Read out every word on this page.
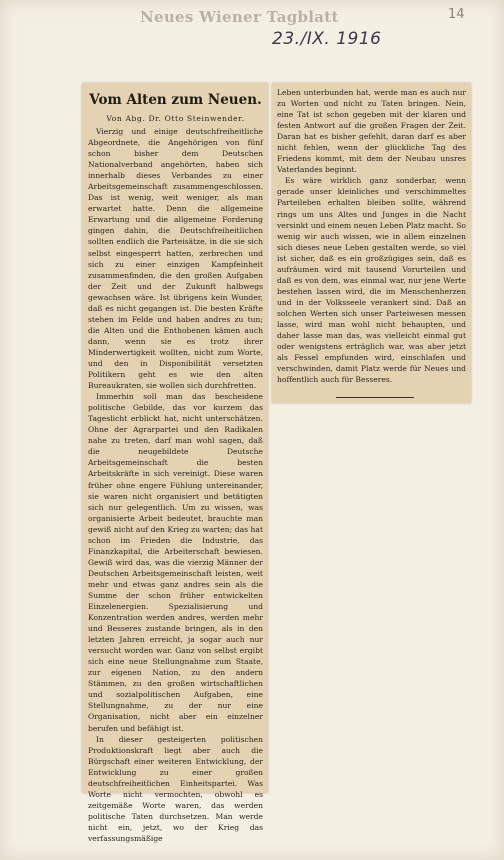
Neues Wiener Tagblatt	14
23./IX. 1916
Vom Alten zum Neuen.
Von Abg. Dr. Otto Steinwender.

Vierzig und einige deutschfreiheitliche Abgeordnete, die Angehörigen von fünf schon bisher dem Deutschen Nationalverband angehörten, haben sich innerhalb dieses Verbandes zu einer Arbeitsgemeinschaft zusammengeschlossen. Das ist wenig, weit weniger, als man erwartet hatte. Denn die allgemeine Erwartung und die allgemeine Forderung gingen dahin, die Deutschfreiheitlichen sollten endlich die Parteisätze, in die sie sich selbst eingesperrt hatten, zerbrechen und sich zu einer einzigen Kampfeinheit zusammenfinden, die den großen Aufgaben der Zeit und der Zukunft halbwegs gewachsen wäre. Ist übrigens kein Wunder, daß es nicht gegangen ist. Die besten Kräfte stehen im Felde und haben andres zu tun; die Alten und die Enthobenen kämen auch dann, wenn sie es trotz ihrer Minderwertigkeit wollten, nicht zum Worte, und den in Disponibilität versetzten Politikern geht es wie den alten Bureaukraten, sie wollen sich durchfretten.

Immerhin soll man das bescheidene politische Gebilde, das vor kurzem das Tageslicht erblickt hat, nicht unterschätzen. Ohne der Agrarpartei und den Radikalen nahe zu treten, darf man wohl sagen, daß die neugebildete Deutsche Arbeitsgemeinschaft die besten Arbeitskräfte in sich vereinigt. Diese waren früher ohne engere Fühlung untereinander, sie waren nicht organisiert und betätigten sich nur gelegentlich. Um zu wissen, was organisierte Arbeit bedeutet, brauchte man gewiß nicht auf den Krieg zu warten; das hat schon im Frieden die Industrie, das Finanzkapital, die Arbeiterschaft bewiesen. Gewiß wird das, was die vierzig Männer der Deutschen Arbeitsgemeinschaft leisten, weit mehr und etwas ganz andres sein als die Summe der schon früher entwickelten Einzelenergien. Spezialisierung und Konzentration werden andres, werden mehr und Besseres zustande bringen, als in den letzten Jahren erreicht, ja sogar auch nur versucht worden war. Ganz von selbst ergibt sich eine neue Stellungnahme zum Staate, zur eigenen Nation, zu den andern Stämmen, zu den großen wirtschaftlichen und sozialpolitischen Aufgaben, eine Stellungnahme, zu der nur eine Organisation, nicht aber ein einzelner berufen und befähigt ist.

In dieser gesteigerten politischen Produktionskraft liegt aber auch die Bürgschaft einer weiteren Entwicklung, der Entwicklung zu einer großen deutschfreiheitlichen Einheitspartei. Was Worte nicht vermochten, obwohl es zeitgemäße Worte waren, das werden politische Taten durchsetzen. Man werde nicht ein, jetzt, wo der Krieg das verfassungsmäßige

Leben unterbunden hat, werde man es auch nur zu Worten und nicht zu Taten bringen. Nein, eine Tat ist schon gegeben mit der klaren und festen Antwort auf die großen Fragen der Zeit. Daran hat es bisher gefehlt, daran darf es aber nicht fehlen, wenn der glückliche Tag des Friedens kommt, mit dem der Neubau unsres Vaterlandes beginnt.

Es wäre wirklich ganz sonderbar, wenn gerade unser kleinliches und verschimmeltes Parteileben erhalten bleiben sollte, während rings um uns Altes und Junges in die Nacht versinkt und einem neuen Leben Platz macht. So wenig wir auch wissen, wie in allem einzelnen sich dieses neue Leben gestalten werde, so viel ist sicher, daß es ein großzügiges sein, daß es aufräumen wird mit tausend Vorurteilen und daß es von dem, was einmal war, nur jene Werte bestehen lassen wird, die im Menschenherzen und in der Volksseele verankert sind. Daß an solchen Werten sich unser Parteiwesen messen lasse, wird man wohl nicht behaupten, und daher lasse man das, was vielleicht einmal gut oder wenigstens erträglich war, was aber jetzt als Fessel empfunden wird, einschlafen und verschwinden, damit Platz werde für Neues und hoffentlich auch für Besseres.
